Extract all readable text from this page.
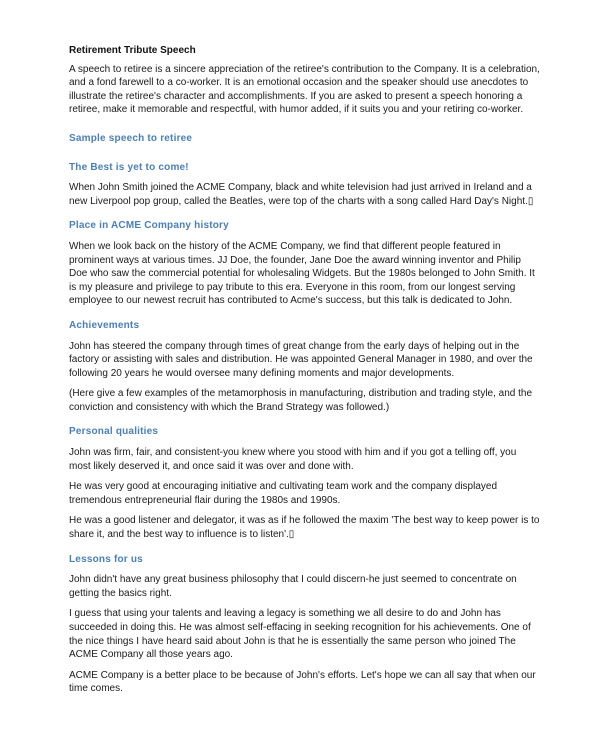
Retirement Tribute Speech

A speech to retiree is a sincere appreciation of the retiree's contribution to the Company. It is a celebration, and a fond farewell to a co-worker. It is an emotional occasion and the speaker should use anecdotes to illustrate the retiree's character and accomplishments. If you are asked to present a speech honoring a retiree, make it memorable and respectful, with humor added, if it suits you and your retiring co-worker.

Sample speech to retiree
The Best is yet to come!

When John Smith joined the ACME Company, black and white television had just arrived in Ireland and a new Liverpool pop group, called the Beatles, were top of the charts with a song called Hard Day's Night.▯

Place in ACME Company history

When we look back on the history of the ACME Company, we find that different people featured in prominent ways at various times. JJ Doe, the founder, Jane Doe the award winning inventor and Philip Doe who saw the commercial potential for wholesaling Widgets. But the 1980s belonged to John Smith. It is my pleasure and privilege to pay tribute to this era. Everyone in this room, from our longest serving employee to our newest recruit has contributed to Acme's success, but this talk is dedicated to John.

Achievements

John has steered the company through times of great change from the early days of helping out in the factory or assisting with sales and distribution. He was appointed General Manager in 1980, and over the following 20 years he would oversee many defining moments and major developments.

(Here give a few examples of the metamorphosis in manufacturing, distribution and trading style, and the conviction and consistency with which the Brand Strategy was followed.)

Personal qualities

John was firm, fair, and consistent-you knew where you stood with him and if you got a telling off, you most likely deserved it, and once said it was over and done with.

He was very good at encouraging initiative and cultivating team work and the company displayed tremendous entrepreneurial flair during the 1980s and 1990s.

He was a good listener and delegator, it was as if he followed the maxim 'The best way to keep power is to share it, and the best way to influence is to listen'.▯

Lessons for us

John didn't have any great business philosophy that I could discern-he just seemed to concentrate on getting the basics right.

I guess that using your talents and leaving a legacy is something we all desire to do and John has succeeded in doing this. He was almost self-effacing in seeking recognition for his achievements. One of the nice things I have heard said about John is that he is essentially the same person who joined The ACME Company all those years ago.

ACME Company is a better place to be because of John's efforts. Let's hope we can all say that when our time comes.
